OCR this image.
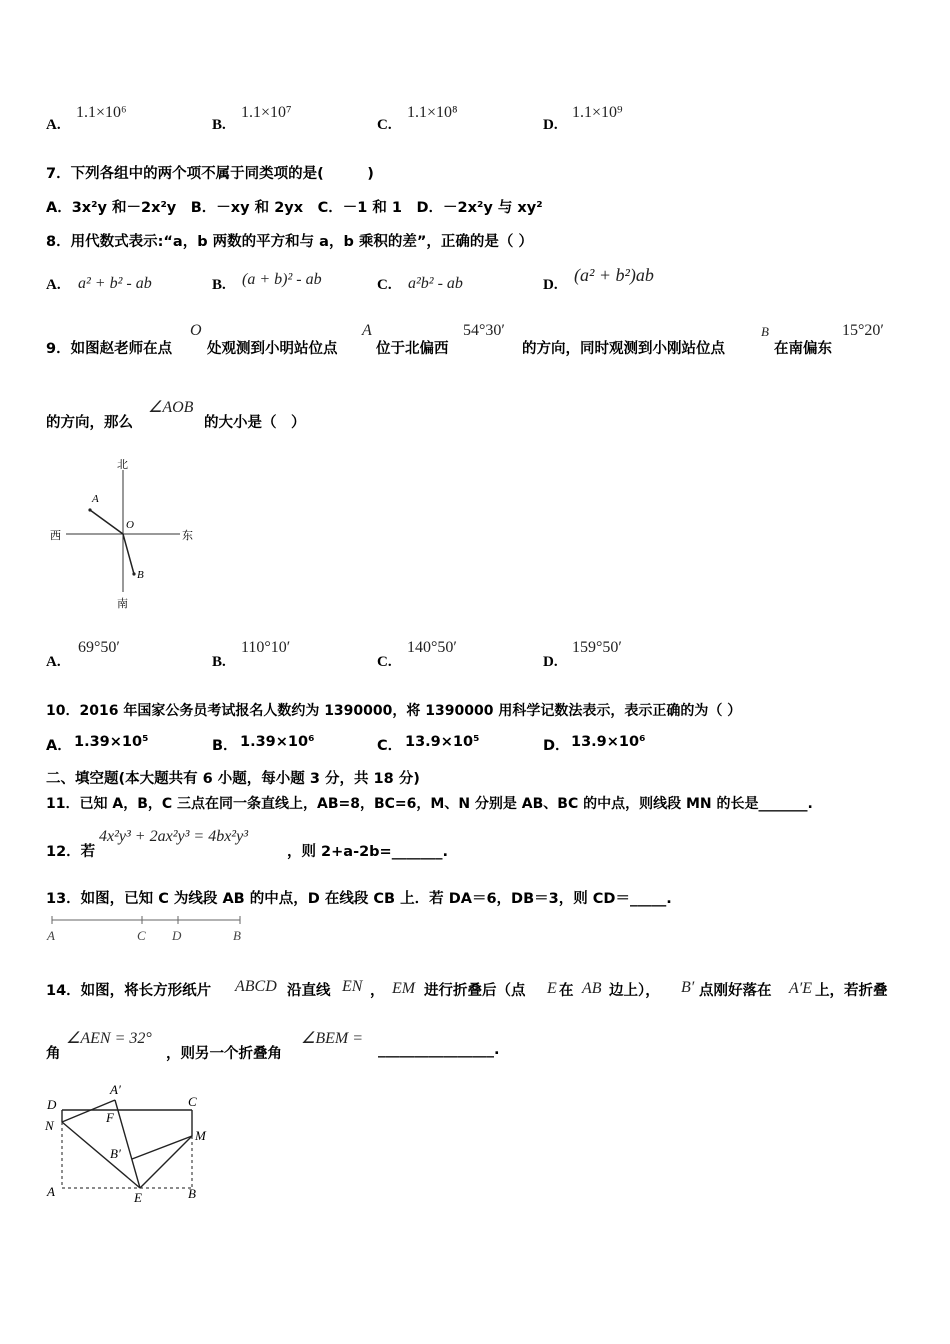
A.
1.1×10⁶
B.
1.1×10⁷
C.
1.1×10⁸
D.
1.1×10⁹
7．下列各组中的两个项不属于同类项的是(　　　)
A．3x²y 和－2x²y　B．－xy 和 2yx　C．－1 和 1　D．－2x²y 与 xy²
8．用代数式表示:“a，b 两数的平方和与 a，b 乘积的差”，正确的是（ ）
A. a² + b² - ab	B. (a + b)² - ab	C. a²b² - ab	D. (a² + b²)ab
9．如图赵老师在点
O
处观测到小明站位点
A
位于北偏西
54°30′
的方向，同时观测到小刚站位点
B
在南偏东
15°20′
的方向，那么
∠AOB
的大小是（　）
北
南
西	东
A
O
B
A.
69°50′
B.
110°10′
C.
140°50′
D.
159°50′
10．2016 年国家公务员考试报名人数约为 1390000，将 1390000 用科学记数法表示，表示正确的为（ ）
A． 1.39×10⁵	B． 1.39×10⁶	C． 13.9×10⁵	D． 13.9×10⁶
二、填空题(本大题共有 6 小题，每小题 3 分，共 18 分)
11．已知 A，B，C 三点在同一条直线上，AB=8，BC=6，M、N 分别是 AB、BC 的中点，则线段 MN 的长是_______.
12．若
4x²y³ + 2ax²y³ = 4bx²y³
，则 2+a-2b=_______.
13．如图，已知 C 为线段 AB 的中点，D 在线段 CB 上．若 DA＝6，DB＝3，则 CD＝_____.
A	C D	B
14．如图，将长方形纸片 ABCD 沿直线 EN ， EM 进行折叠后（点 E 在 AB 边上）， B′ 点刚好落在 A′E 上，若折叠
角
∠AEN = 32°
，则另一个折叠角
∠BEM =
________________.
D
N
A′
F
C
M
B′
A	E	B
